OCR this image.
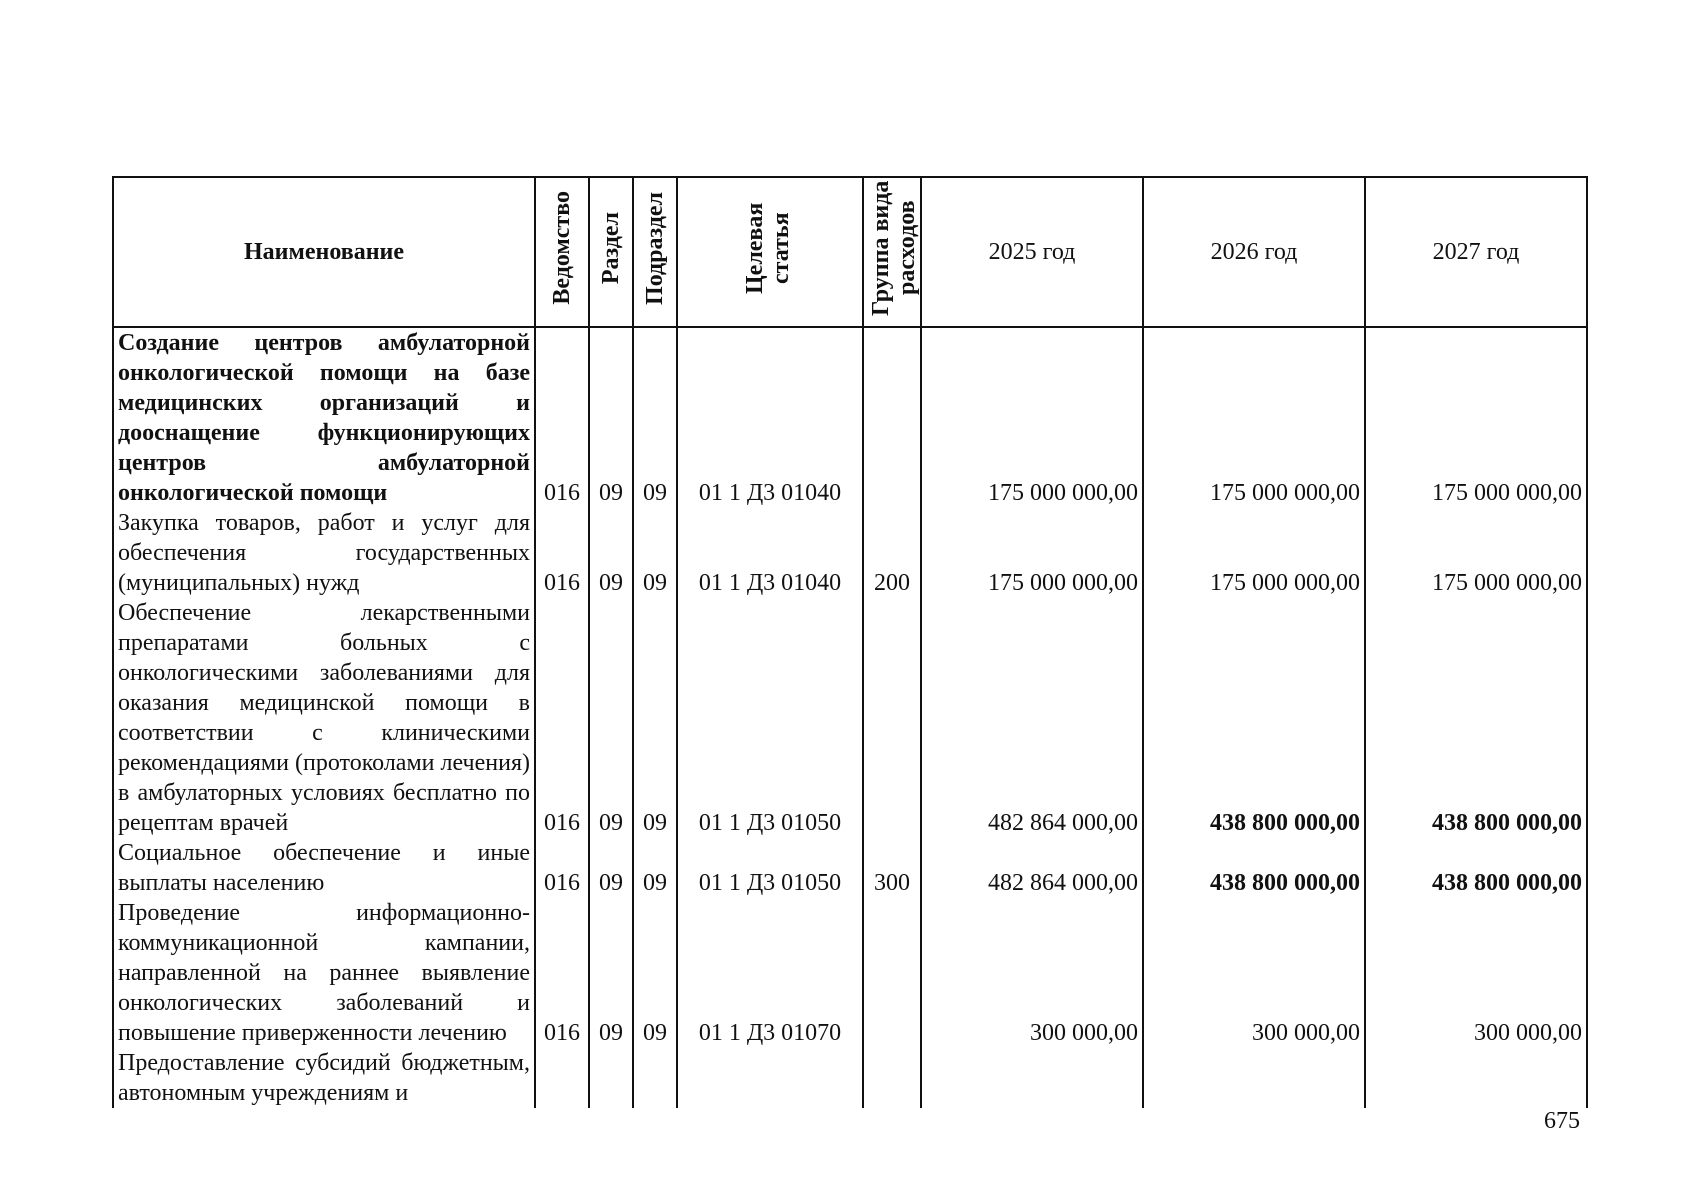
Наименование	Ведомство	Раздел	Подраздел	Целевая статья	Группа вида расходов	2025 год	2026 год	2027 год
Создание центров амбулаторной онкологической помощи на базе медицинских организаций и дооснащение функционирующих центров амбулаторной онкологической помощи	016	09	09	01 1 Д3 01040		175 000 000,00	175 000 000,00	175 000 000,00
Закупка товаров, работ и услуг для обеспечения государственных (муниципальных) нужд	016	09	09	01 1 Д3 01040	200	175 000 000,00	175 000 000,00	175 000 000,00
Обеспечение лекарственными препаратами больных с онкологическими заболеваниями для оказания медицинской помощи в соответствии с клиническими рекомендациями (протоколами лечения) в амбулаторных условиях бесплатно по рецептам врачей	016	09	09	01 1 Д3 01050		482 864 000,00	438 800 000,00	438 800 000,00
Социальное обеспечение и иные выплаты населению	016	09	09	01 1 Д3 01050	300	482 864 000,00	438 800 000,00	438 800 000,00
Проведение информационно-коммуникационной кампании, направленной на раннее выявление онкологических заболеваний и повышение приверженности лечению	016	09	09	01 1 Д3 01070		300 000,00	300 000,00	300 000,00
Предоставление субсидий бюджетным, автономным учреждениям и								
675
